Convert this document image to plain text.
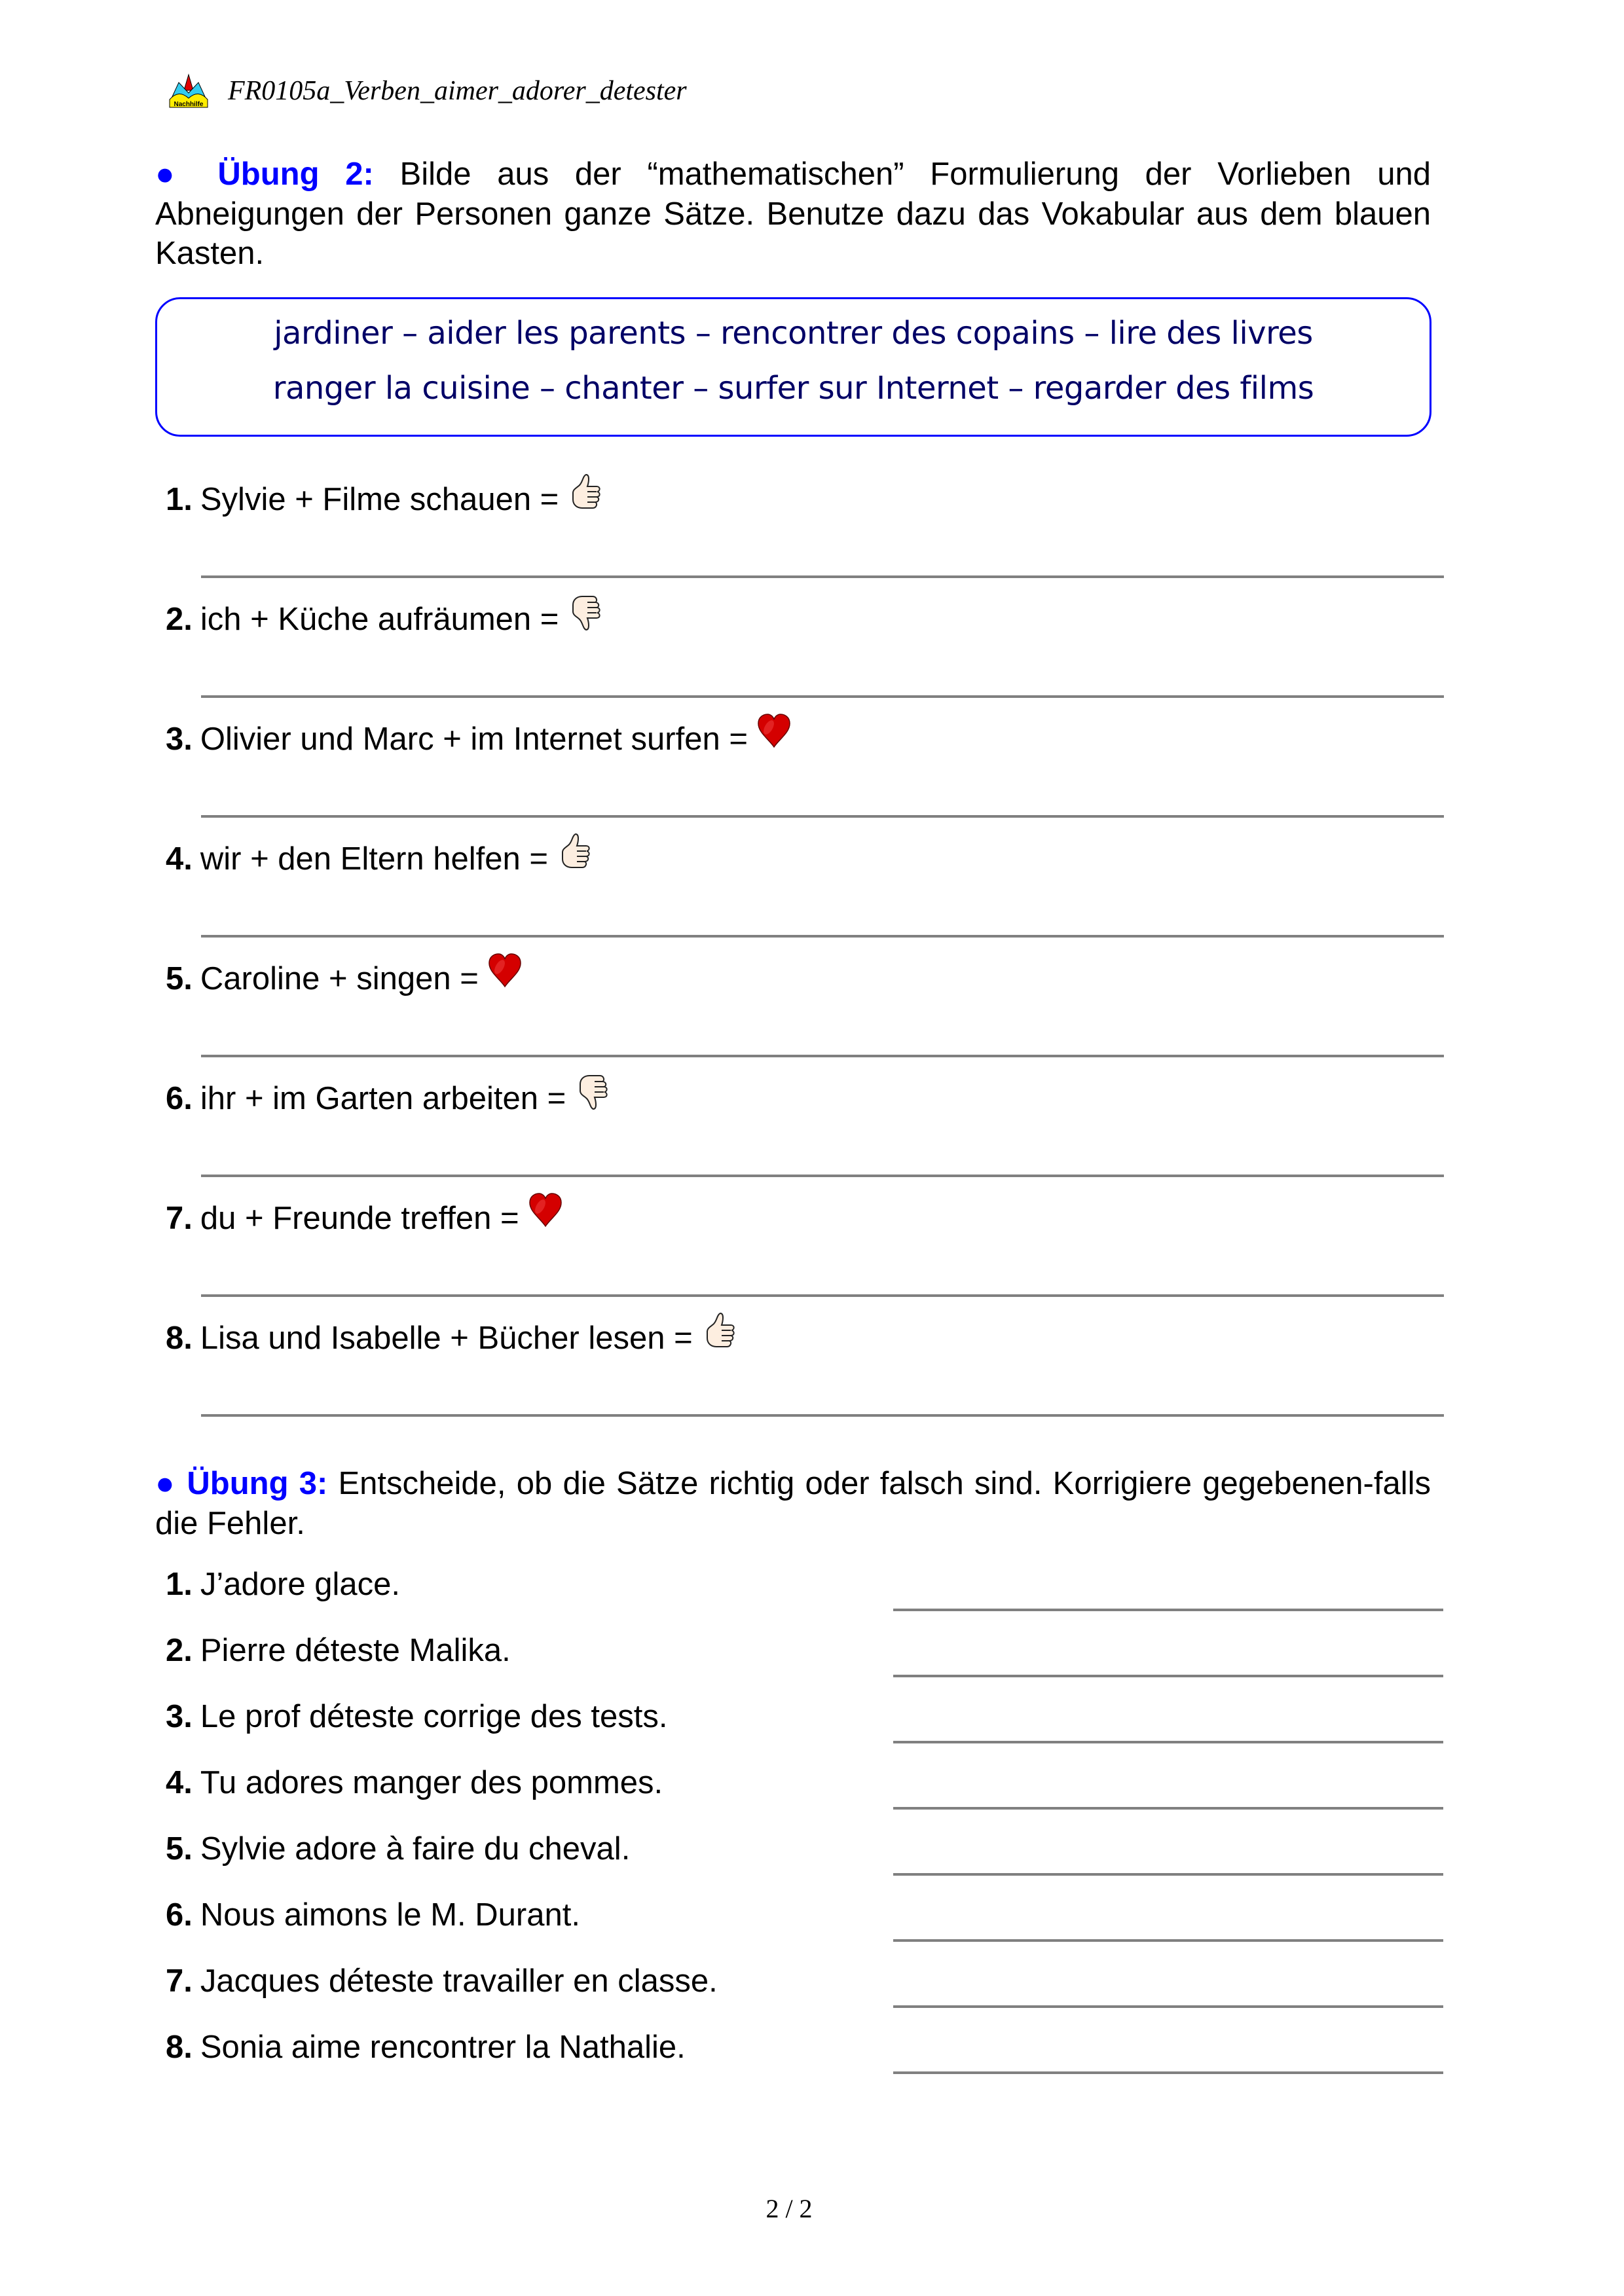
Nachhilfe FR0105a_Verben_aimer_adorer_detester
● Übung 2: Bilde aus der “mathematischen” Formulierung der Vorlieben und Abneigungen der Personen ganze Sätze. Benutze dazu das Vokabular aus dem blauen Kasten.
jardiner – aider les parents – rencontrer des copains – lire des livres
ranger la cuisine – chanter – surfer sur Internet – regarder des films
1. Sylvie + Filme schauen =
2. ich + Küche aufräumen =
3. Olivier und Marc + im Internet surfen =
4. wir + den Eltern helfen =
5. Caroline + singen =
6. ihr + im Garten arbeiten =
7. du + Freunde treffen =
8. Lisa und Isabelle + Bücher lesen =
● Übung 3: Entscheide, ob die Sätze richtig oder falsch sind. Korrigiere gegebenen-falls die Fehler.
1. J’adore glace.
2. Pierre déteste Malika.
3. Le prof déteste corrige des tests.
4. Tu adores manger des pommes.
5. Sylvie adore à faire du cheval.
6. Nous aimons le M. Durant.
7. Jacques déteste travailler en classe.
8. Sonia aime rencontrer la Nathalie.
2 / 2
